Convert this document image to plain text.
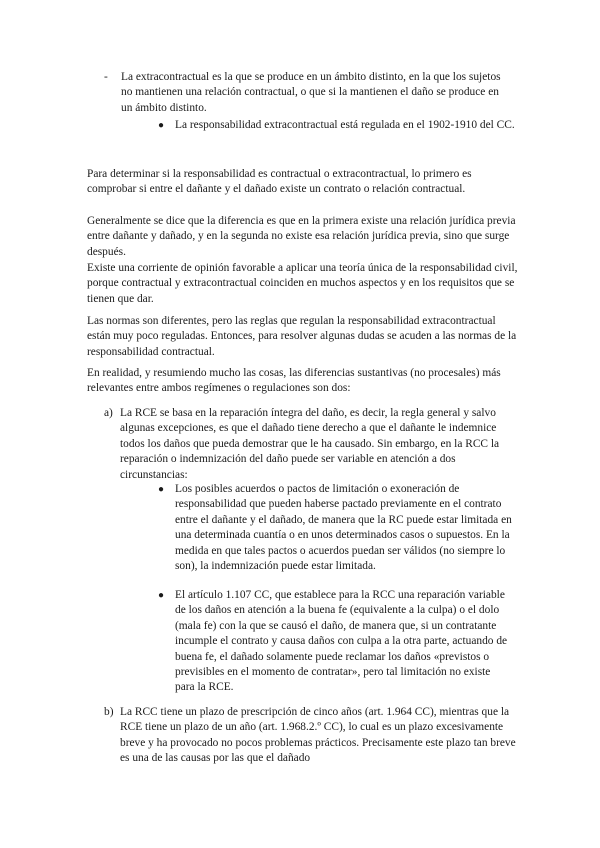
- La extracontractual es la que se produce en un ámbito distinto, en la que los sujetos no mantienen una relación contractual, o que si la mantienen el daño se produce en un ámbito distinto.
● La responsabilidad extracontractual está regulada en el 1902-1910 del CC.

Para determinar si la responsabilidad es contractual o extracontractual, lo primero es comprobar si entre el dañante y el dañado existe un contrato o relación contractual.

Generalmente se dice que la diferencia es que en la primera existe una relación jurídica previa entre dañante y dañado, y en la segunda no existe esa relación jurídica previa, sino que surge después.

Existe una corriente de opinión favorable a aplicar una teoría única de la responsabilidad civil, porque contractual y extracontractual coinciden en muchos aspectos y en los requisitos que se tienen que dar.

Las normas son diferentes, pero las reglas que regulan la responsabilidad extracontractual están muy poco reguladas. Entonces, para resolver algunas dudas se acuden a las normas de la responsabilidad contractual.

En realidad, y resumiendo mucho las cosas, las diferencias sustantivas (no procesales) más relevantes entre ambos regímenes o regulaciones son dos:

a) La RCE se basa en la reparación íntegra del daño, es decir, la regla general y salvo algunas excepciones, es que el dañado tiene derecho a que el dañante le indemnice todos los daños que pueda demostrar que le ha causado. Sin embargo, en la RCC la reparación o indemnización del daño puede ser variable en atención a dos circunstancias:
● Los posibles acuerdos o pactos de limitación o exoneración de responsabilidad que pueden haberse pactado previamente en el contrato entre el dañante y el dañado, de manera que la RC puede estar limitada en una determinada cuantía o en unos determinados casos o supuestos. En la medida en que tales pactos o acuerdos puedan ser válidos (no siempre lo son), la indemnización puede estar limitada.
● El artículo 1.107 CC, que establece para la RCC una reparación variable de los daños en atención a la buena fe (equivalente a la culpa) o el dolo (mala fe) con la que se causó el daño, de manera que, si un contratante incumple el contrato y causa daños con culpa a la otra parte, actuando de buena fe, el dañado solamente puede reclamar los daños «previstos o previsibles en el momento de contratar», pero tal limitación no existe para la RCE.
b) La RCC tiene un plazo de prescripción de cinco años (art. 1.964 CC), mientras que la RCE tiene un plazo de un año (art. 1.968.2.º CC), lo cual es un plazo excesivamente breve y ha provocado no pocos problemas prácticos. Precisamente este plazo tan breve es una de las causas por las que el dañado
